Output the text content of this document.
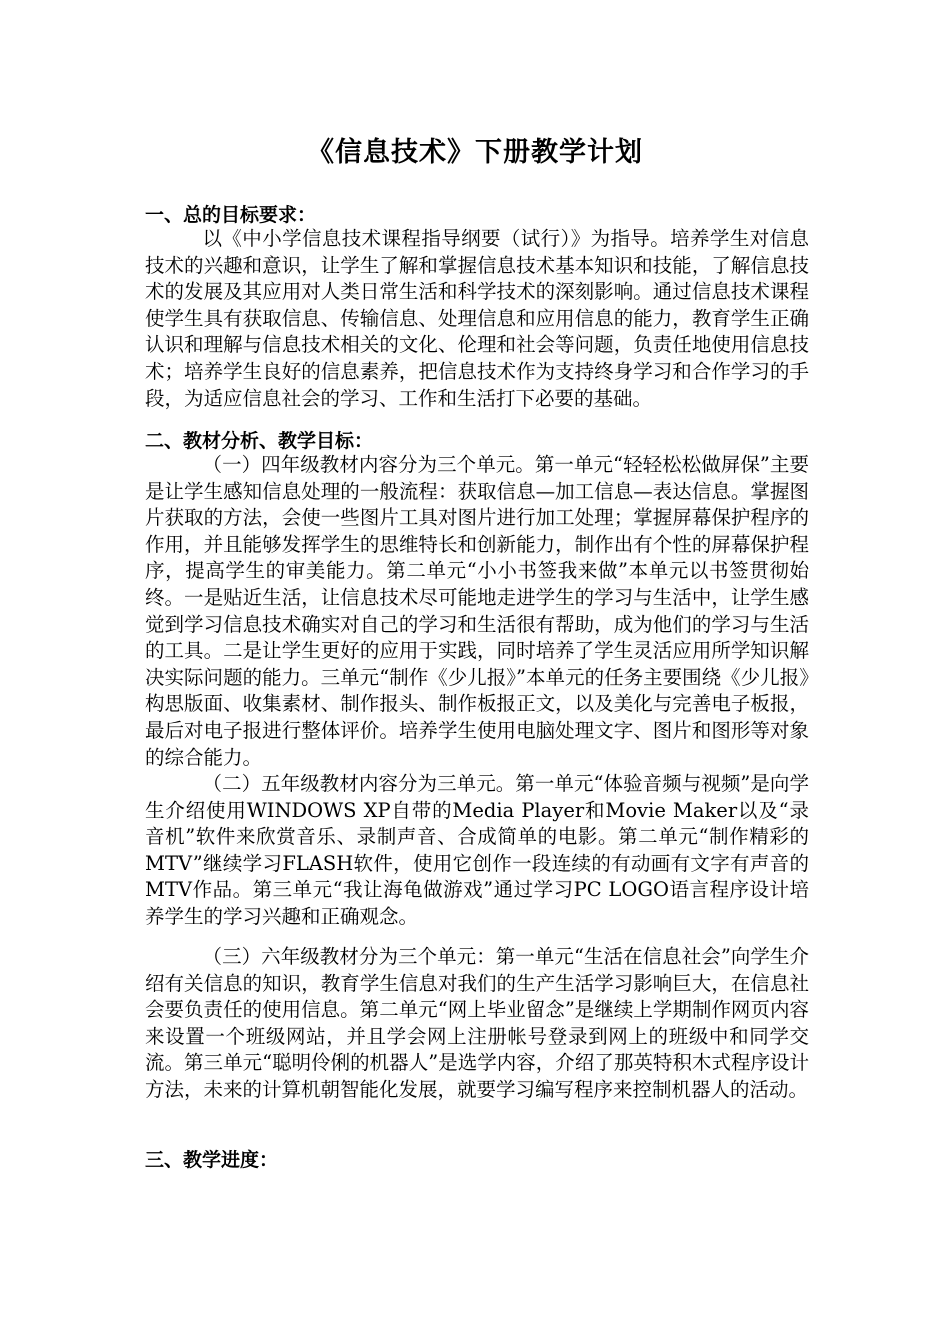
《信息技术》下册教学计划
一、总的目标要求：
以《中小学信息技术课程指导纲要（试行）》为指导。培养学生对信息技术的兴趣和意识，让学生了解和掌握信息技术基本知识和技能，了解信息技术的发展及其应用对人类日常生活和科学技术的深刻影响。通过信息技术课程使学生具有获取信息、传输信息、处理信息和应用信息的能力，教育学生正确认识和理解与信息技术相关的文化、伦理和社会等问题，负责任地使用信息技术；培养学生良好的信息素养，把信息技术作为支持终身学习和合作学习的手段，为适应信息社会的学习、工作和生活打下必要的基础。
二、教材分析、教学目标：
（一）四年级教材内容分为三个单元。第一单元“轻轻松松做屏保”主要是让学生感知信息处理的一般流程：获取信息—加工信息—表达信息。掌握图片获取的方法，会使一些图片工具对图片进行加工处理；掌握屏幕保护程序的作用，并且能够发挥学生的思维特长和创新能力，制作出有个性的屏幕保护程序，提高学生的审美能力。第二单元“小小书签我来做”本单元以书签贯彻始终。一是贴近生活，让信息技术尽可能地走进学生的学习与生活中，让学生感觉到学习信息技术确实对自己的学习和生活很有帮助，成为他们的学习与生活的工具。二是让学生更好的应用于实践，同时培养了学生灵活应用所学知识解决实际问题的能力。三单元“制作《少儿报》”本单元的任务主要围绕《少儿报》构思版面、收集素材、制作报头、制作板报正文，以及美化与完善电子板报，最后对电子报进行整体评价。培养学生使用电脑处理文字、图片和图形等对象的综合能力。
（二）五年级教材内容分为三单元。第一单元“体验音频与视频”是向学生介绍使用WINDOWS XP自带的Media Player和Movie Maker以及“录音机”软件来欣赏音乐、录制声音、合成简单的电影。第二单元“制作精彩的MTV”继续学习FLASH软件，使用它创作一段连续的有动画有文字有声音的MTV作品。第三单元“我让海龟做游戏”通过学习PC LOGO语言程序设计培养学生的学习兴趣和正确观念。
（三）六年级教材分为三个单元：第一单元“生活在信息社会”向学生介绍有关信息的知识，教育学生信息对我们的生产生活学习影响巨大，在信息社会要负责任的使用信息。第二单元“网上毕业留念”是继续上学期制作网页内容来设置一个班级网站，并且学会网上注册帐号登录到网上的班级中和同学交流。第三单元“聪明伶俐的机器人”是选学内容，介绍了那英特积木式程序设计方法，未来的计算机朝智能化发展，就要学习编写程序来控制机器人的活动。
三、教学进度：
